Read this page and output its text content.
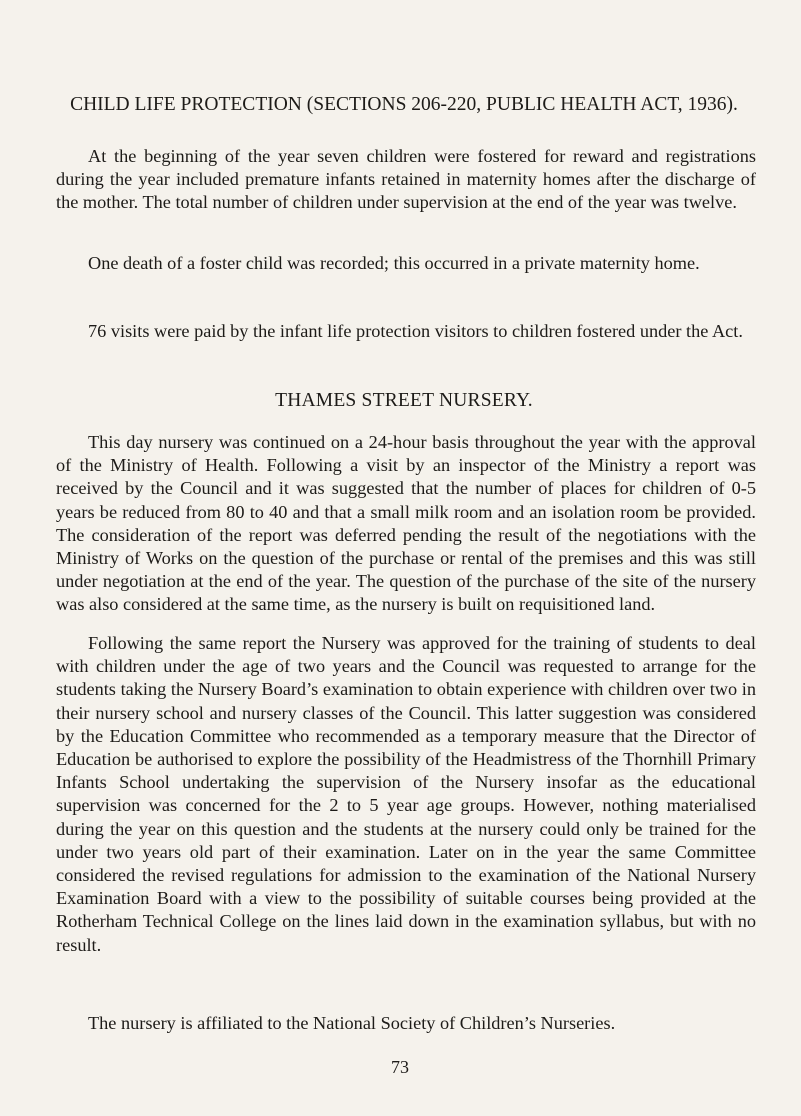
CHILD LIFE PROTECTION (SECTIONS 206-220, PUBLIC HEALTH ACT, 1936).

At the beginning of the year seven children were fostered for reward and registrations during the year included premature infants retained in maternity homes after the discharge of the mother. The total number of children under supervision at the end of the year was twelve.

One death of a foster child was recorded; this occurred in a private maternity home.

76 visits were paid by the infant life protection visitors to children fostered under the Act.

THAMES STREET NURSERY.

This day nursery was continued on a 24-hour basis throughout the year with the approval of the Ministry of Health. Following a visit by an inspector of the Ministry a report was received by the Council and it was suggested that the number of places for children of 0-5 years be reduced from 80 to 40 and that a small milk room and an isolation room be provided. The consideration of the report was deferred pending the result of the negotiations with the Ministry of Works on the question of the purchase or rental of the premises and this was still under negotiation at the end of the year. The question of the purchase of the site of the nursery was also considered at the same time, as the nursery is built on requisitioned land.

Following the same report the Nursery was approved for the training of students to deal with children under the age of two years and the Council was requested to arrange for the students taking the Nursery Board’s examination to obtain experience with children over two in their nursery school and nursery classes of the Council. This latter suggestion was considered by the Education Committee who recommended as a temporary measure that the Director of Education be authorised to explore the possibility of the Headmistress of the Thornhill Primary Infants School undertaking the supervision of the Nursery insofar as the educational supervision was concerned for the 2 to 5 year age groups. However, nothing materialised during the year on this question and the students at the nursery could only be trained for the under two years old part of their examination. Later on in the year the same Committee considered the revised regulations for admission to the examination of the National Nursery Examination Board with a view to the possibility of suitable courses being provided at the Rotherham Technical College on the lines laid down in the examination syllabus, but with no result.

The nursery is affiliated to the National Society of Children’s Nurseries.

73
